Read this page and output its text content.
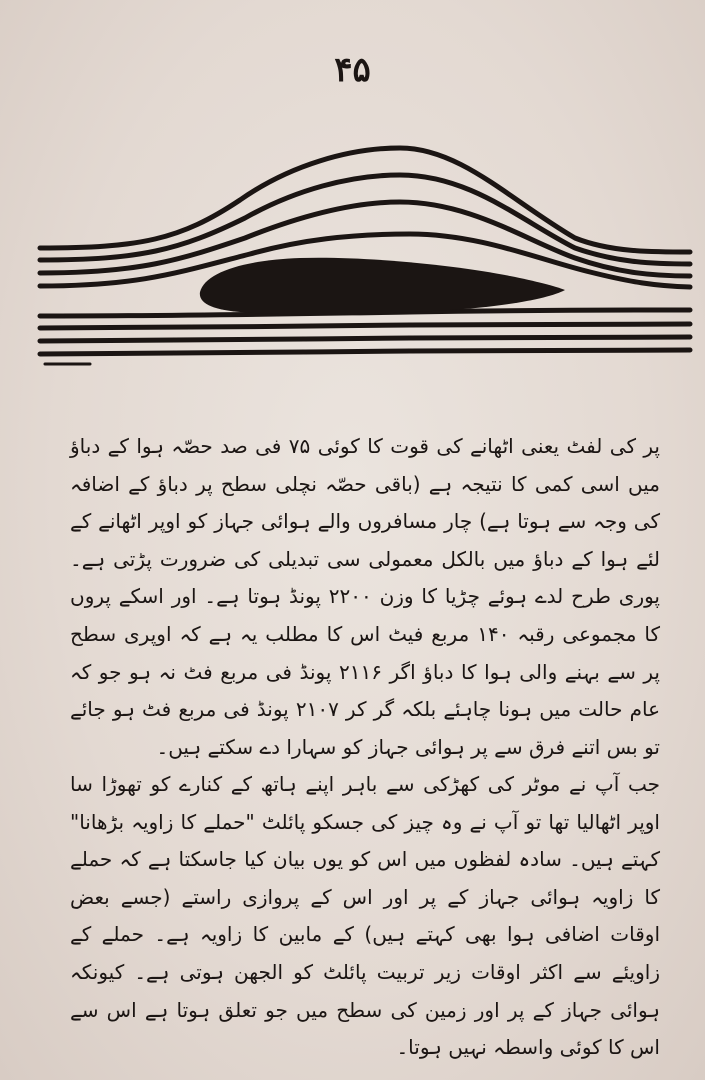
۴۵

پر کی لفٹ یعنی اٹھانے کی قوت کا کوئی ۷۵ فی صد حصّہ ہوا کے دباؤ میں اسی کمی کا نتیجہ ہے (باقی حصّہ نچلی سطح پر دباؤ کے اضافہ کی وجہ سے ہوتا ہے) چار مسافروں والے ہوائی جہاز کو اوپر اٹھانے کے لئے ہوا کے دباؤ میں بالکل معمولی سی تبدیلی کی ضرورت پڑتی ہے۔ پوری طرح لدے ہوئے چڑیا کا وزن ۲۲۰۰ پونڈ ہوتا ہے۔ اور اسکے پروں کا مجموعی رقبہ ۱۴۰ مربع فیٹ اس کا مطلب یہ ہے کہ اوپری سطح پر سے بہنے والی ہوا کا دباؤ اگر ۲۱۱۶ پونڈ فی مربع فٹ نہ ہو جو کہ عام حالت میں ہونا چاہئے بلکہ گر کر ۲۱۰۷ پونڈ فی مربع فٹ ہو جائے تو بس اتنے فرق سے پر ہوائی جہاز کو سہارا دے سکتے ہیں۔

جب آپ نے موٹر کی کھڑکی سے باہر اپنے ہاتھ کے کنارے کو تھوڑا سا اوپر اٹھالیا تھا تو آپ نے وہ چیز کی جسکو پائلٹ "حملے کا زاویہ بڑھانا" کہتے ہیں۔ سادہ لفظوں میں اس کو یوں بیان کیا جاسکتا ہے کہ حملے کا زاویہ ہوائی جہاز کے پر اور اس کے پروازی راستے (جسے بعض اوقات اضافی ہوا بھی کہتے ہیں) کے مابین کا زاویہ ہے۔ حملے کے زاویئے سے اکثر اوقات زیر تربیت پائلٹ کو الجھن ہوتی ہے۔ کیونکہ ہوائی جہاز کے پر اور زمین کی سطح میں جو تعلق ہوتا ہے اس سے اس کا کوئی واسطہ نہیں ہوتا۔
